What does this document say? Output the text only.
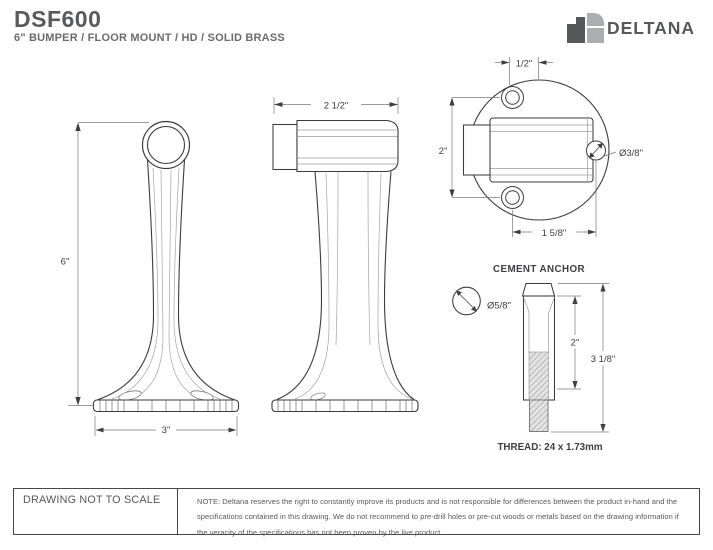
DSF600
6" BUMPER / FLOOR MOUNT / HD / SOLID BRASS	DELTANA
6"
3"
2 1/2"
Ø3/8"
1/2"
2"
1 5/8"
CEMENT ANCHOR
Ø5/8"
2"
3 1/8"
THREAD: 24 x 1.73mm
DRAWING NOT TO SCALE	NOTE: Deltana reserves the right to constantly improve its products and is not responsible for differences between the product in-hand and the specifications contained in this drawing. We do not recommend to pre-drill holes or pre-cut woods or metals based on the drawing information if the veracity of the specifications has not been proven by the live product.
